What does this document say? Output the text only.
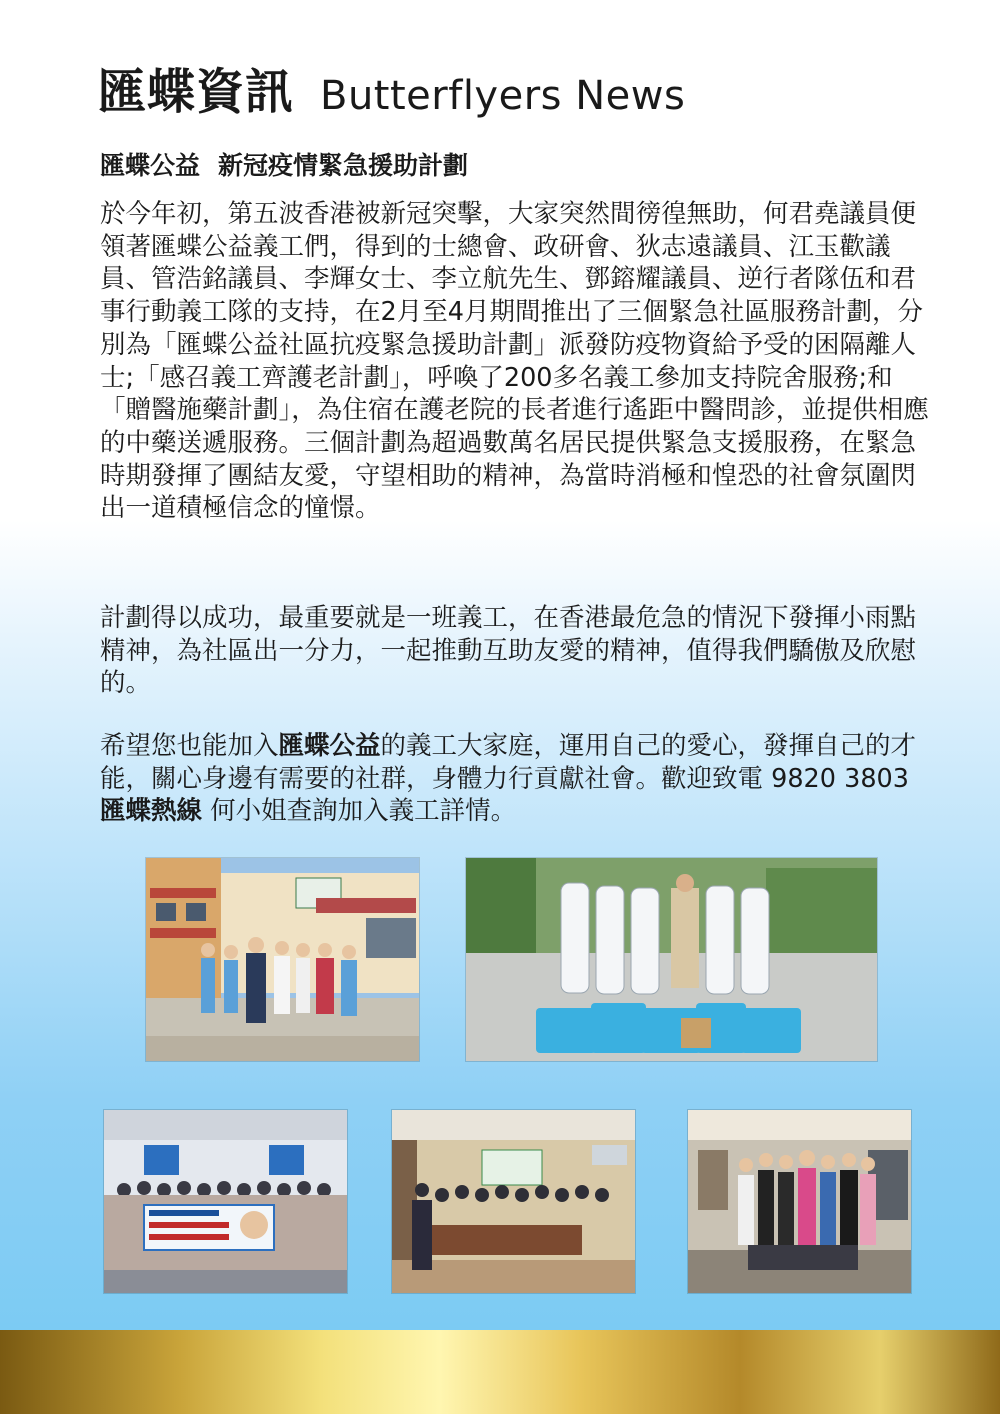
匯蝶資訊 Butterflyers News
匯蝶公益 新冠疫情緊急援助計劃

於今年初，第五波香港被新冠突擊，大家突然間徬徨無助，何君堯議員便領著匯蝶公益義工們，得到的士總會、政研會、狄志遠議員、江玉歡議員、管浩銘議員、李輝女士、李立航先生、鄧鎔耀議員、逆行者隊伍和君事行動義工隊的支持，在2月至4月期間推出了三個緊急社區服務計劃，分別為「匯蝶公益社區抗疫緊急援助計劃」派發防疫物資給予受的困隔離人士;「感召義工齊護老計劃」，呼喚了200多名義工參加支持院舍服務;和「贈醫施藥計劃」，為住宿在護老院的長者進行遙距中醫問診，並提供相應的中藥送遞服務。三個計劃為超過數萬名居民提供緊急支援服務，在緊急時期發揮了團結友愛，守望相助的精神，為當時消極和惶恐的社會氛圍閃出一道積極信念的憧憬。

計劃得以成功，最重要就是一班義工，在香港最危急的情況下發揮小雨點精神，為社區出一分力，一起推動互助友愛的精神，值得我們驕傲及欣慰的。

希望您也能加入匯蝶公益的義工大家庭，運用自己的愛心，發揮自己的才能，關心身邊有需要的社群，身體力行貢獻社會。歡迎致電 9820 3803 匯蝶熱線 何小姐查詢加入義工詳情。
